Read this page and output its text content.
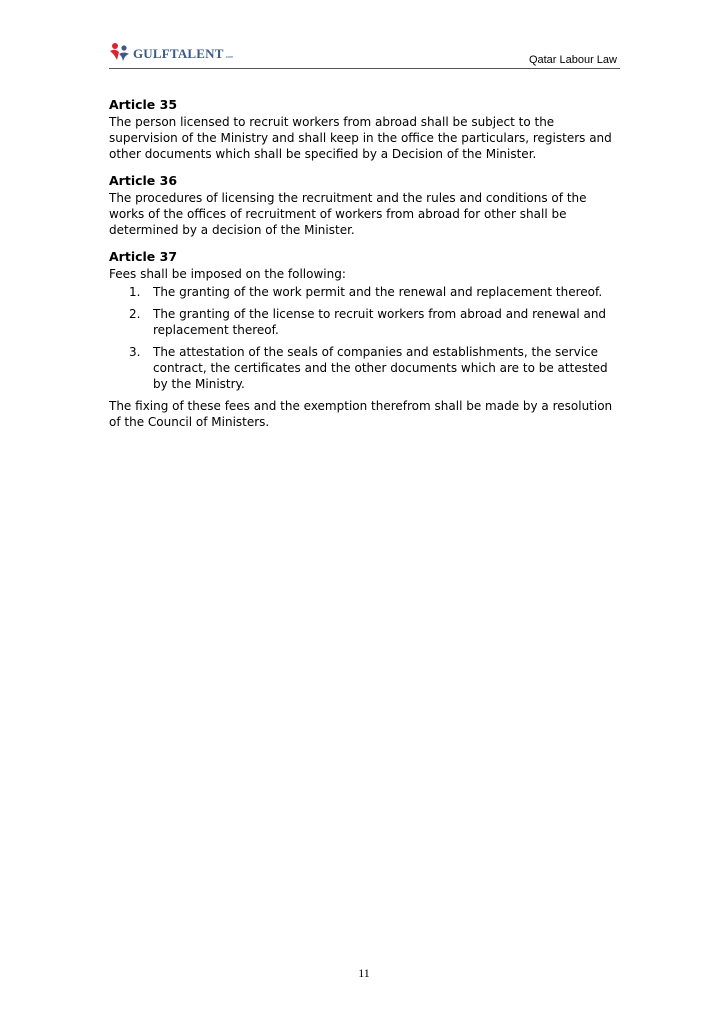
GULFTALENT .com	Qatar Labour Law

Article 35

The person licensed to recruit workers from abroad shall be subject to the supervision of the Ministry and shall keep in the office the particulars, registers and other documents which shall be specified by a Decision of the Minister.

Article 36

The procedures of licensing the recruitment and the rules and conditions of the works of the offices of recruitment of workers from abroad for other shall be determined by a decision of the Minister.

Article 37

Fees shall be imposed on the following:

1. The granting of the work permit and the renewal and replacement thereof.
2. The granting of the license to recruit workers from abroad and renewal and replacement thereof.
3. The attestation of the seals of companies and establishments, the service contract, the certificates and the other documents which are to be attested by the Ministry.

The fixing of these fees and the exemption therefrom shall be made by a resolution of the Council of Ministers.

11
